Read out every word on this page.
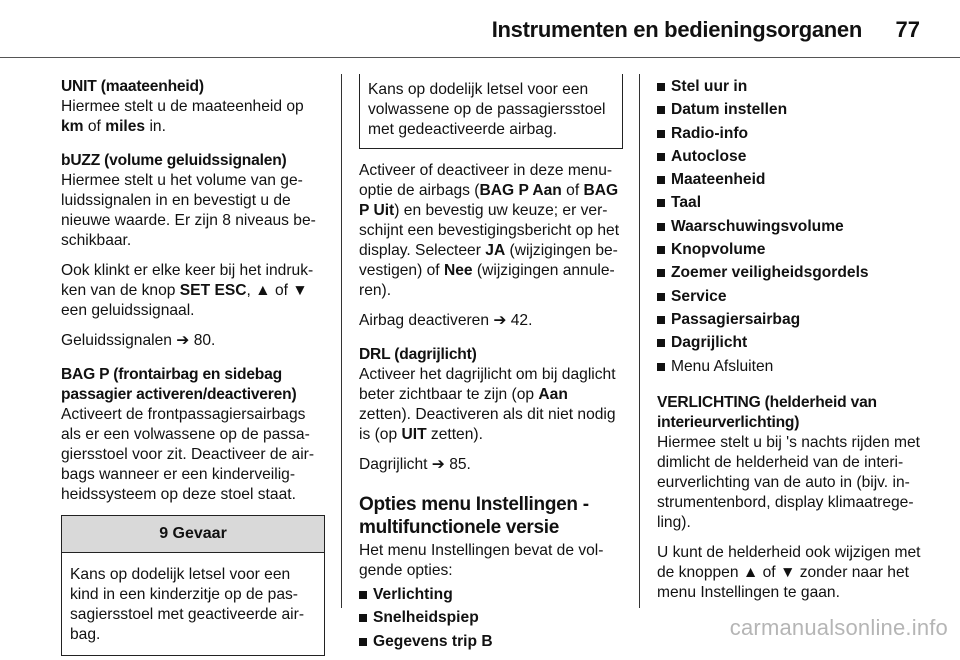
Instrumenten en bedieningsorganen 77

UNIT (maateenheid)
Hiermee stelt u de maateenheid op km of miles in.

bUZZ (volume geluidssignalen)
Hiermee stelt u het volume van ge-luidssignalen in en bevestigt u de nieuwe waarde. Er zijn 8 niveaus be-schikbaar.

Ook klinkt er elke keer bij het indruk-ken van de knop SET ESC, ▲ of ▼ een geluidssignaal.

Geluidssignalen ➔ 80.

BAG P (frontairbag en sidebag passagier activeren/deactiveren)
Activeert de frontpassagiersairbags als er een volwassene op de passa-giersstoel voor zit. Deactiveer de air-bags wanneer er een kinderveilig-heidssysteem op deze stoel staat.

9 Gevaar
Kans op dodelijk letsel voor een kind in een kinderzitje op de pas-sagiersstoel met geactiveerde air-bag.
Kans op dodelijk letsel voor een volwassene op de passagiersstoel met gedeactiveerde airbag.

Activeer of deactiveer in deze menu-optie de airbags (BAG P Aan of BAG P Uit) en bevestig uw keuze; er ver-schijnt een bevestigingsbericht op het display. Selecteer JA (wijzigingen be-vestigen) of Nee (wijzigingen annule-ren).

Airbag deactiveren ➔ 42.

DRL (dagrijlicht)
Activeer het dagrijlicht om bij daglicht beter zichtbaar te zijn (op Aan zetten). Deactiveren als dit niet nodig is (op UIT zetten).

Dagrijlicht ➔ 85.

Opties menu Instellingen - multifunctionele versie
Het menu Instellingen bevat de vol-gende opties:
Verlichting
Snelheidspiep
Gegevens trip B
Stel uur in
Datum instellen
Radio-info
Autoclose
Maateenheid
Taal
Waarschuwingsvolume
Knopvolume
Zoemer veiligheidsgordels
Service
Passagiersairbag
Dagrijlicht
Menu Afsluiten

VERLICHTING (helderheid van interieurverlichting)
Hiermee stelt u bij 's nachts rijden met dimlicht de helderheid van de interi-eurverlichting van de auto in (bijv. in-strumentenbord, display klimaatrege-ling).

U kunt de helderheid ook wijzigen met de knoppen ▲ of ▼ zonder naar het menu Instellingen te gaan.

carmanualsonline.info
